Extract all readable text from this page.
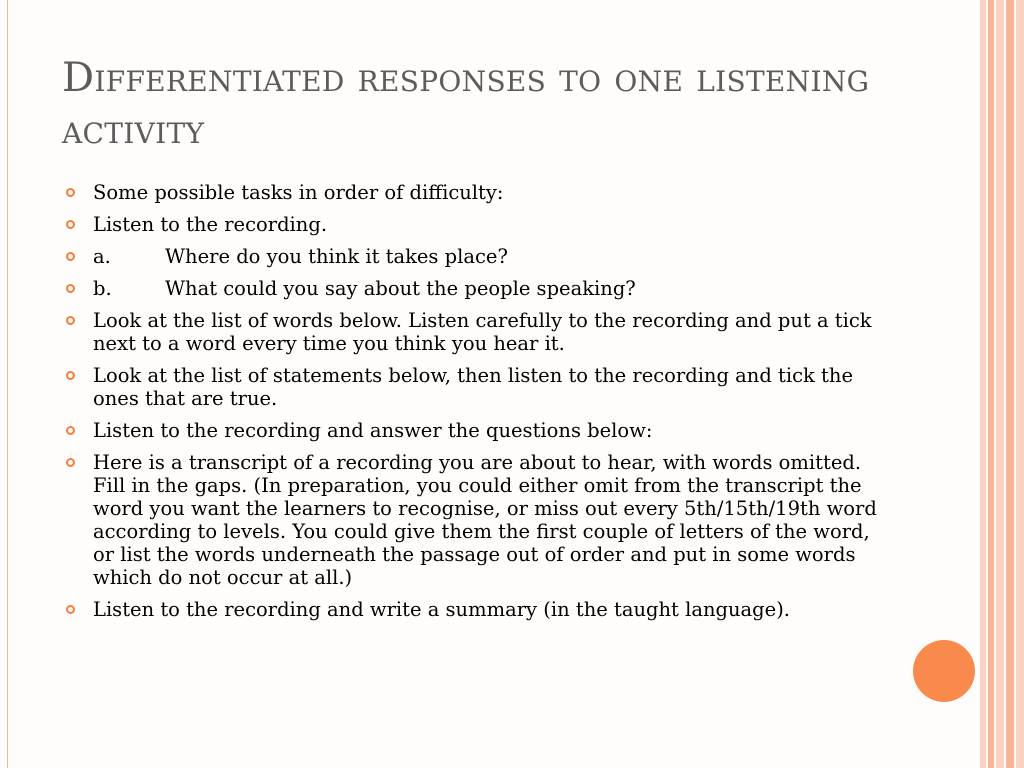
Differentiated responses to one listening activity
Some possible tasks in order of difficulty:
Listen to the recording.
a.	Where do you think it takes place?
b.	What could you say about the people speaking?
Look at the list of words below. Listen carefully to the recording and put a tick next to a word every time you think you hear it.
Look at the list of statements below, then listen to the recording and tick the ones that are true.
Listen to the recording and answer the questions below:
Here is a transcript of a recording you are about to hear, with words omitted. Fill in the gaps. (In preparation, you could either omit from the transcript the word you want the learners to recognise, or miss out every 5th/15th/19th word according to levels. You could give them the first couple of letters of the word, or list the words underneath the passage out of order and put in some words which do not occur at all.)
Listen to the recording and write a summary (in the taught language).
